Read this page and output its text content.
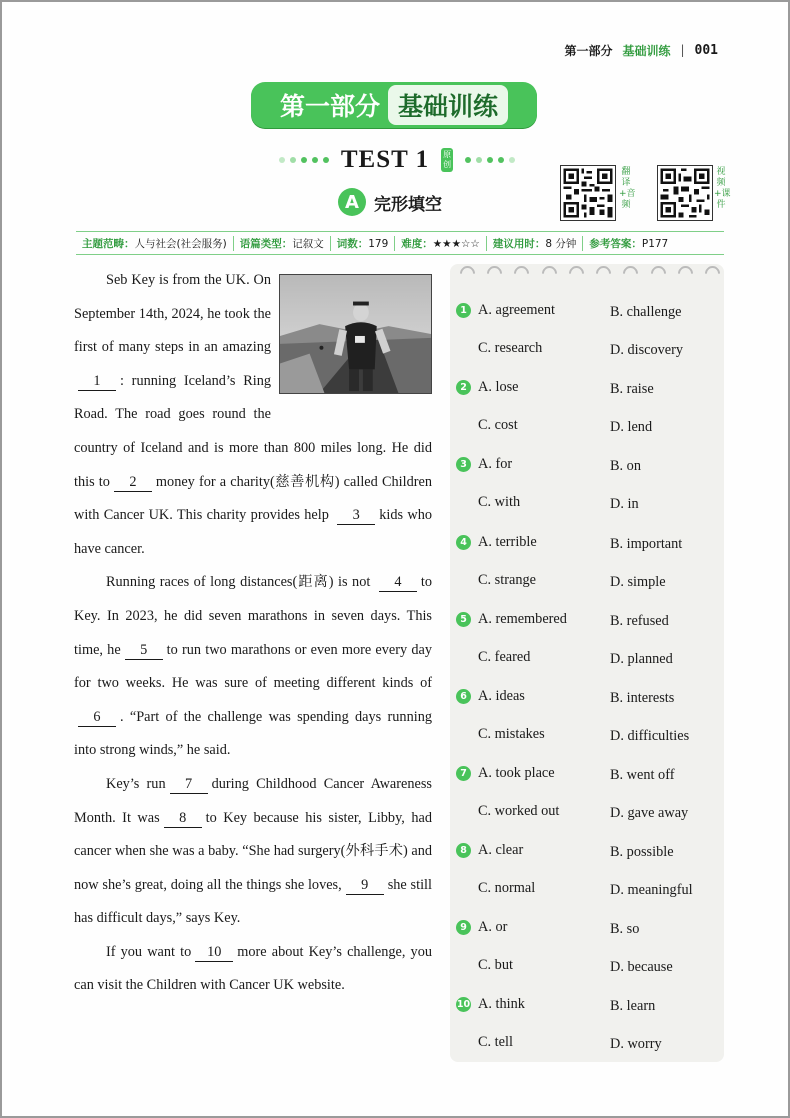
第一部分 基础训练 | 001
第一部分 基础训练
TEST 1 原创
A 完形填空
翻译+音频
视频+课件
主题范畴：人与社会(社会服务)	语篇类型：记叙文	词数：179	难度：★★★☆☆	建议用时：8 分钟	参考答案：P177

Seb Key is from the UK. On September 14th, 2024, he took the first of many steps in an amazing1 : running Iceland’s Ring Road. The road goes round the country of Iceland and is more than 800 miles long. He did this to 2 money for a charity(慈善机构) called Children with Cancer UK. This charity provides help 3 kids who have cancer.

Running races of long distances(距离) is not 4 to Key. In 2023, he did seven marathons in seven days. This time, he 5 to run two marathons or even more every day for two weeks. He was sure of meeting different kinds of6 . “Part of the challenge was spending days running into strong winds,” he said.

Key’s run 7 during Childhood Cancer Awareness Month. It was 8 to Key because his sister, Libby, had cancer when she was a baby. “She had surgery(外科手术) and now she’s great, doing all the things she loves, 9 she still has difficult days,” says Key.

If you want to 10 more about Key’s challenge, you can visit the Children with Cancer UK website.

1 A. agreement	B. challenge
C. research	D. discovery
2 A. lose	B. raise
C. cost	D. lend
3 A. for	B. on
C. with	D. in
4 A. terrible	B. important
C. strange	D. simple
5 A. remembered	B. refused
C. feared	D. planned
6 A. ideas	B. interests
C. mistakes	D. difficulties
7 A. took place	B. went off
C. worked out	D. gave away
8 A. clear	B. possible
C. normal	D. meaningful
9 A. or	B. so
C. but	D. because
10 A. think	B. learn
C. tell	D. worry
